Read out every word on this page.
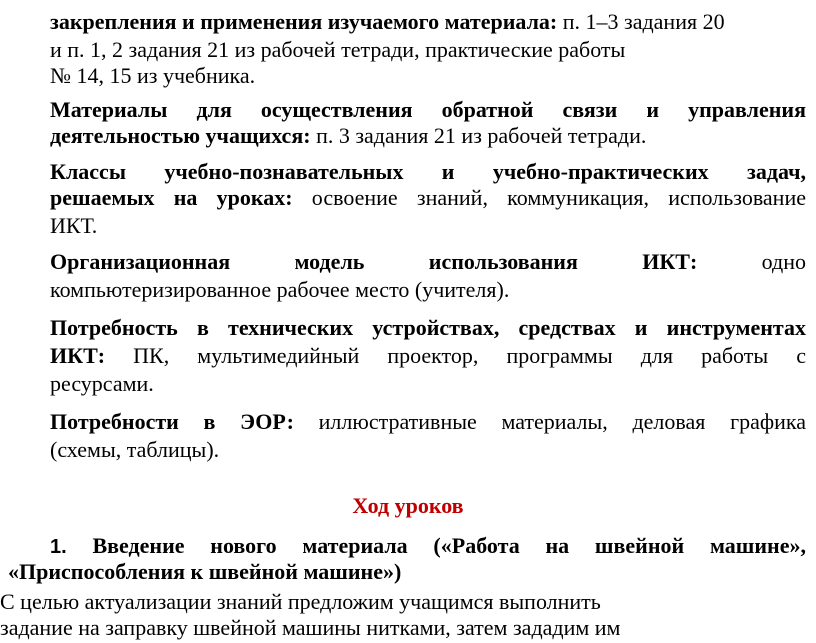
закрепления и применения изучаемого материала: п. 1–3 задания 20
и п. 1, 2 задания 21 из рабочей тетради, практические работы
№ 14, 15 из учебника.
Материалы для осуществления обратной связи и управления
деятельностью учащихся: п. 3 задания 21 из рабочей тетради.
Классы учебно-познавательных и учебно-практических задач,
решаемых на уроках: освоение знаний, коммуникация, использование
ИКТ.
Организационная модель использования ИКТ: одно
компьютеризированное рабочее место (учителя).
Потребность в технических устройствах, средствах и инструментах
ИКТ: ПК, мультимедийный проектор, программы для работы с
ресурсами.
Потребности в ЭОР: иллюстративные материалы, деловая графика
(схемы, таблицы).
Ход уроков
1. Введение нового материала («Работа на швейной машине»,
«Приспособления к швейной машине»)
С целью актуализации знаний предложим учащимся выполнить
задание на заправку швейной машины нитками, затем зададим им
